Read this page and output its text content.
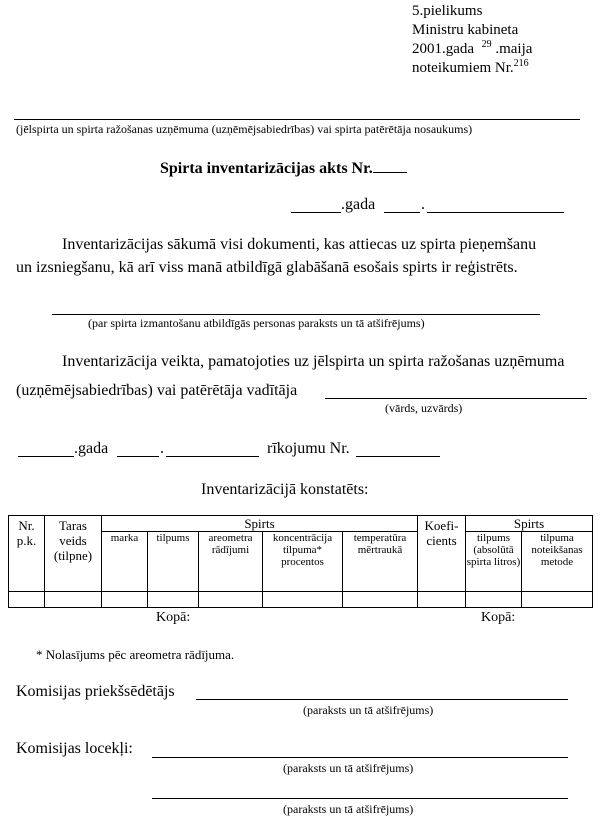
5.pielikums
Ministru kabineta
2001.gada $^{29}$ .maija
noteikumiem Nr.$^{216}$
(jēlspirta un spirta ražošanas uzņēmuma (uzņēmējsabiedrības) vai spirta patērētāja nosaukums)
Spirta inventarizācijas akts Nr.
.gada	.
Inventarizācijas sākumā visi dokumenti, kas attiecas uz spirta pieņemšanu
un izsniegšanu, kā arī viss manā atbildīgā glabāšanā esošais spirts ir reģistrēts.
(par spirta izmantošanu atbildīgās personas paraksts un tā atšifrējums)
Inventarizācija veikta, pamatojoties uz jēlspirta un spirta ražošanas uzņēmuma
(uzņēmējsabiedrības) vai patērētāja vadītāja
(vārds, uzvārds)
.gada	.	rīkojumu Nr.
Inventarizācijā konstatēts:
Nr. p.k.	Taras veids (tilpne)	Spirts					Koefi- cients	Spirts	
		marka	tilpums	areometra rādījumi	koncentrācija tilpuma* procentos	temperatūra mērtraukā		tilpums (absolūtā spirta litros)	tilpuma noteikšanas metode

Kopā:	Kopā:
* Nolasījums pēc areometra rādījuma.
Komisijas priekšsēdētājs
(paraksts un tā atšifrējums)
Komisijas locekļi:
(paraksts un tā atšifrējums)
(paraksts un tā atšifrējums)
